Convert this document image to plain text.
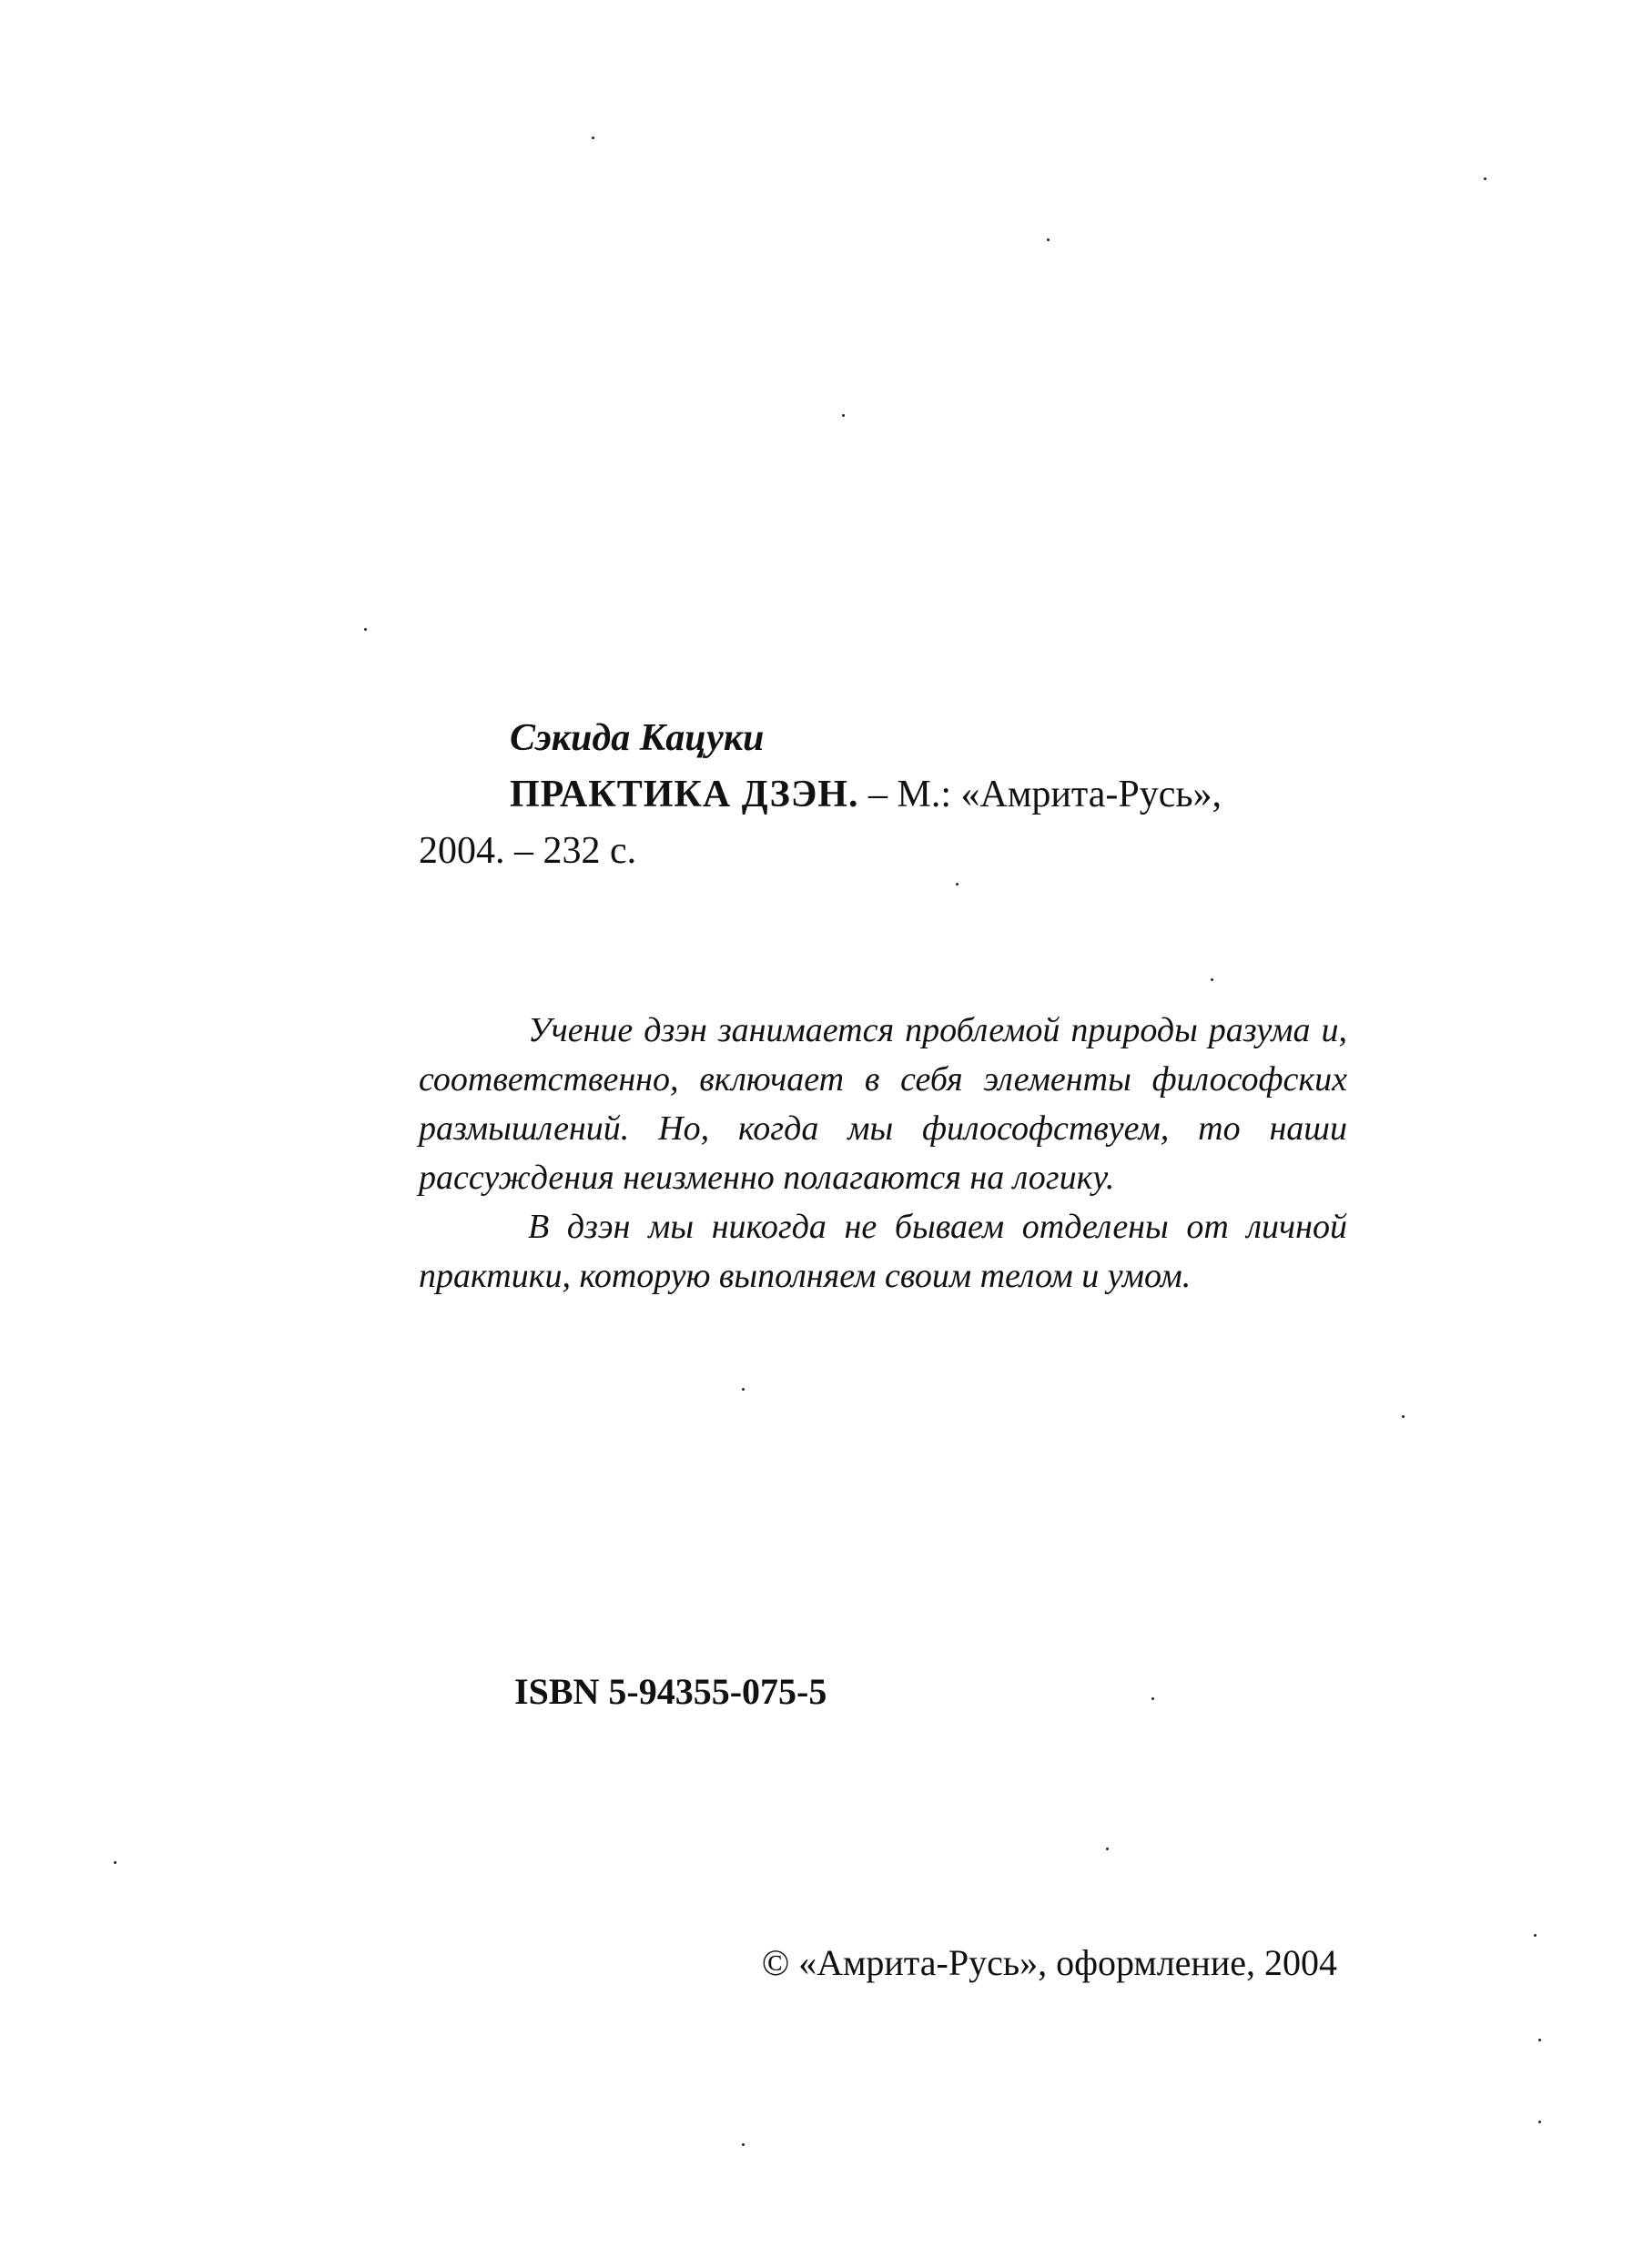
Сэкида Кацуки
ПРАКТИКА ДЗЭН. – М.: «Амрита-Русь»,
2004. – 232 с.

Учение дзэн занимается проблемой природы разума и, соответственно, включает в себя элементы философских размышлений. Но, когда мы философствуем, то наши рассуждения неизменно полагаются на логику.

В дзэн мы никогда не бываем отделены от личной практики, которую выполняем своим телом и умом.

ISBN 5-94355-075-5
© «Амрита-Русь», оформление, 2004
